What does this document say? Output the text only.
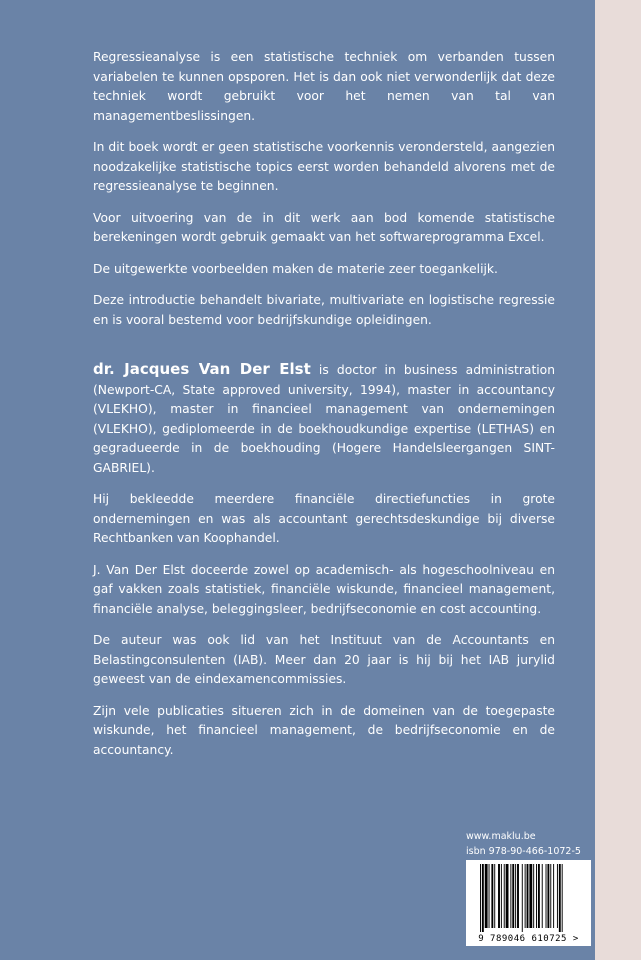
Regressieanalyse is een statistische techniek om verbanden tussen variabelen te kunnen opsporen. Het is dan ook niet verwonderlijk dat deze techniek wordt gebruikt voor het nemen van tal van managementbeslissingen.

In dit boek wordt er geen statistische voorkennis verondersteld, aangezien noodzakelijke statistische topics eerst worden behandeld alvorens met de regressieanalyse te beginnen.

Voor uitvoering van de in dit werk aan bod komende statistische berekeningen wordt gebruik gemaakt van het softwareprogramma Excel.

De uitgewerkte voorbeelden maken de materie zeer toegankelijk.

Deze introductie behandelt bivariate, multivariate en logistische regressie en is vooral bestemd voor bedrijfskundige opleidingen.

dr. Jacques Van Der Elst is doctor in business administration (Newport-CA, State approved university, 1994), master in accountancy (VLEKHO), master in financieel management van ondernemingen (VLEKHO), gediplomeerde in de boekhoudkundige expertise (LETHAS) en gegradueerde in de boekhouding (Hogere Handelsleergangen SINT-GABRIEL).

Hij bekleedde meerdere financiële directiefuncties in grote ondernemingen en was als accountant gerechtsdeskundige bij diverse Rechtbanken van Koophandel.

J. Van Der Elst doceerde zowel op academisch- als hogeschoolniveau en gaf vakken zoals statistiek, financiële wiskunde, financieel management, financiële analyse, beleggingsleer, bedrijfseconomie en cost accounting.

De auteur was ook lid van het Instituut van de Accountants en Belastingconsulenten (IAB). Meer dan 20 jaar is hij bij het IAB jurylid geweest van de eindexamencommissies.

Zijn vele publicaties situeren zich in de domeinen van de toegepaste wiskunde, het financieel management, de bedrijfseconomie en de accountancy.

www.maklu.be
isbn 978-90-466-1072-5
9 789046 610725 >
